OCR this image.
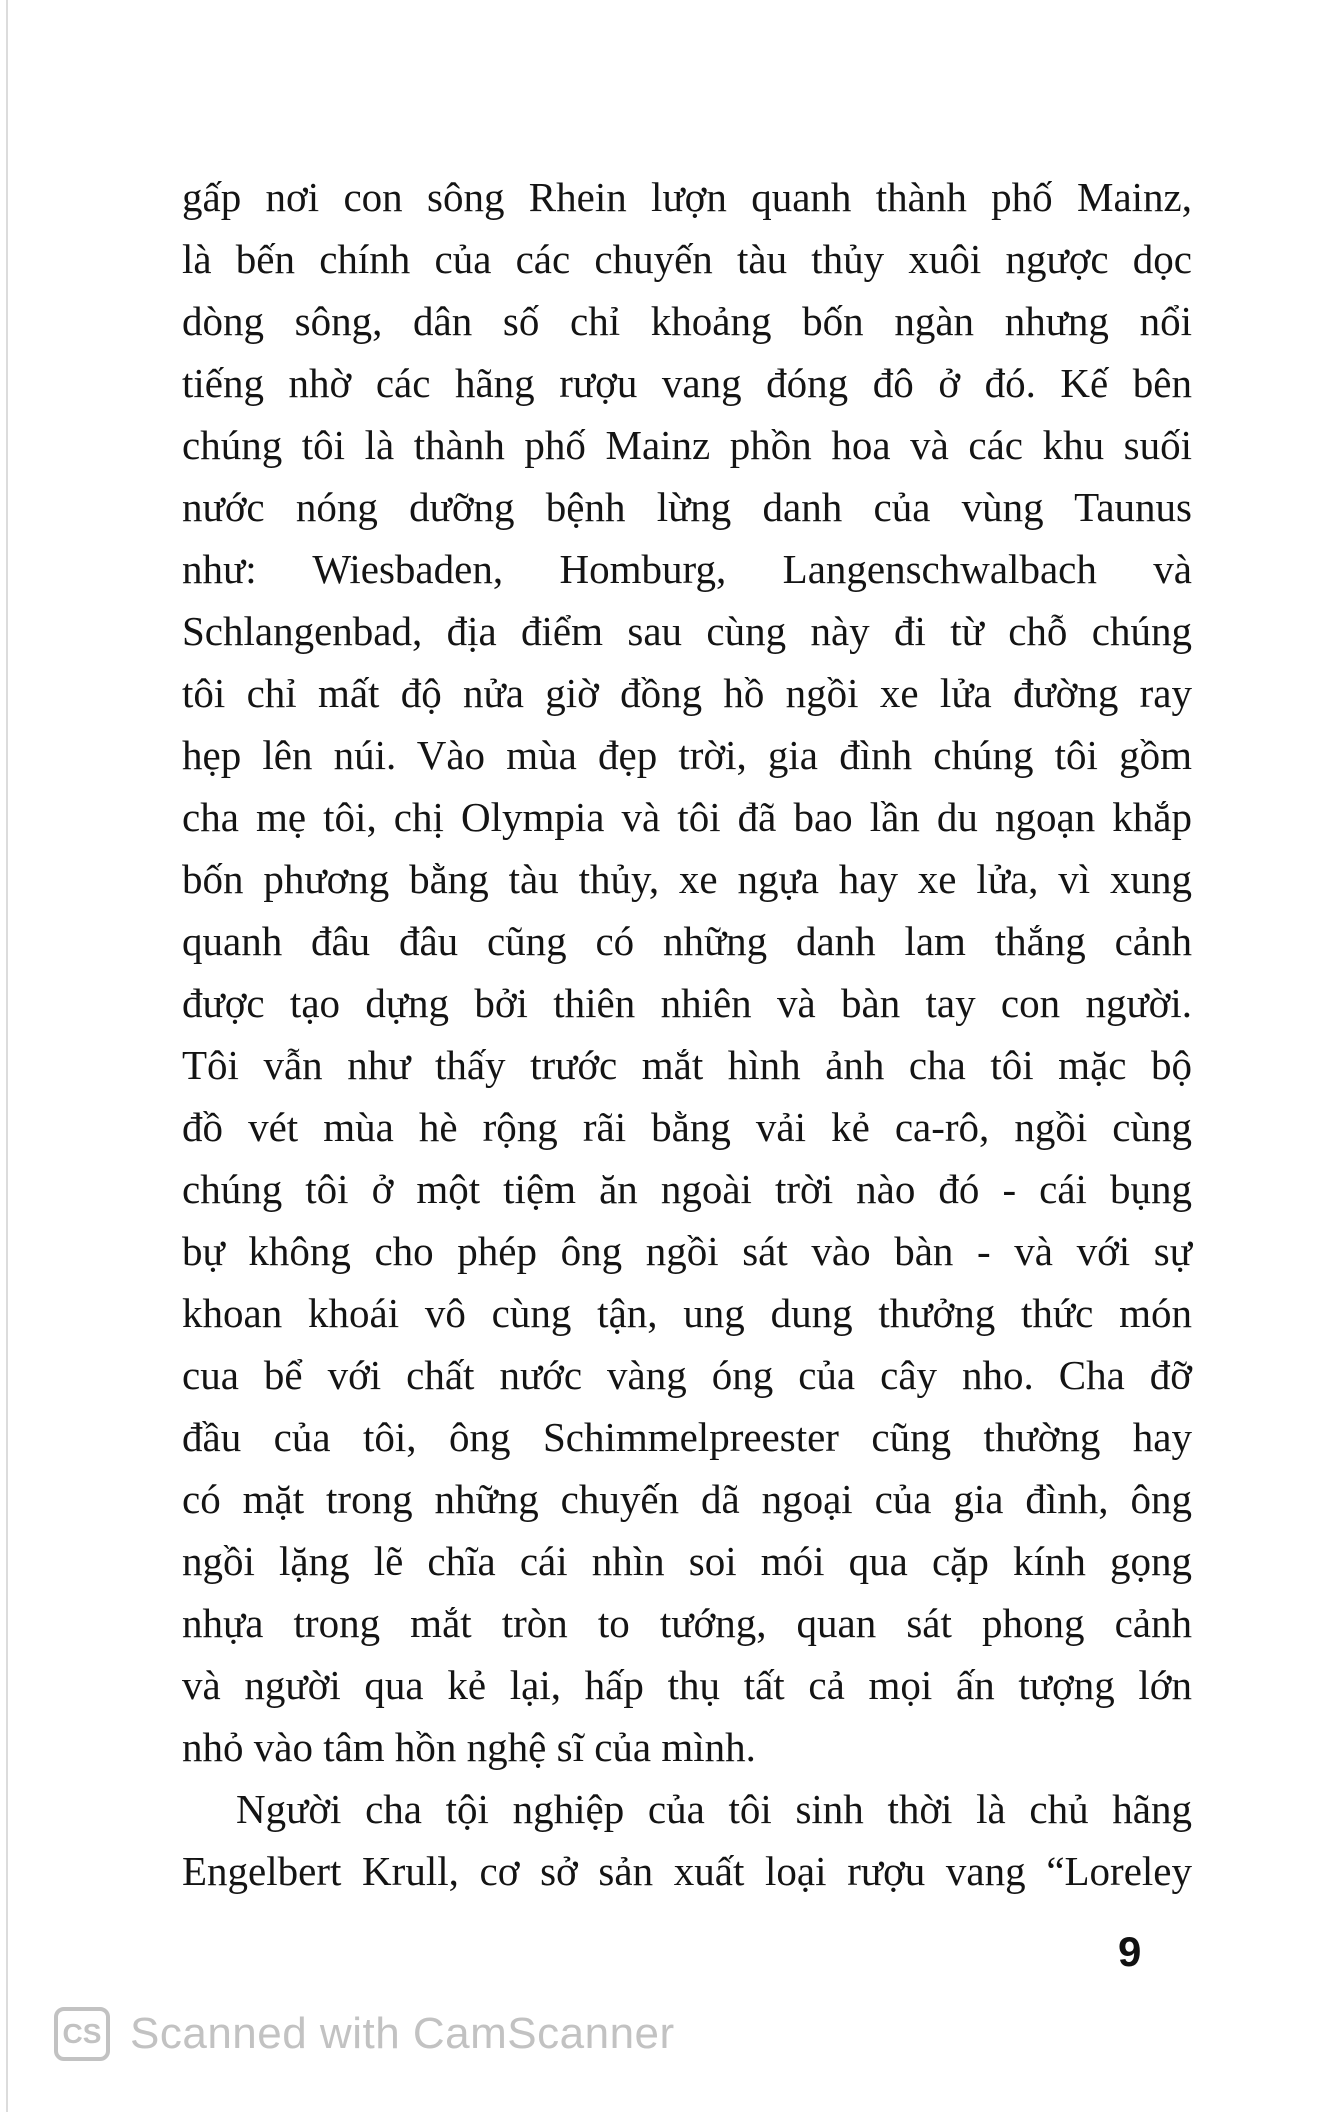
gấp nơi con sông Rhein lượn quanh thành phố Mainz,
là bến chính của các chuyến tàu thủy xuôi ngược dọc
dòng sông, dân số chỉ khoảng bốn ngàn nhưng nổi
tiếng nhờ các hãng rượu vang đóng đô ở đó. Kế bên
chúng tôi là thành phố Mainz phồn hoa và các khu suối
nước nóng dưỡng bệnh lừng danh của vùng Taunus
như: Wiesbaden, Homburg, Langenschwalbach và
Schlangenbad, địa điểm sau cùng này đi từ chỗ chúng
tôi chỉ mất độ nửa giờ đồng hồ ngồi xe lửa đường ray
hẹp lên núi. Vào mùa đẹp trời, gia đình chúng tôi gồm
cha mẹ tôi, chị Olympia và tôi đã bao lần du ngoạn khắp
bốn phương bằng tàu thủy, xe ngựa hay xe lửa, vì xung
quanh đâu đâu cũng có những danh lam thắng cảnh
được tạo dựng bởi thiên nhiên và bàn tay con người.
Tôi vẫn như thấy trước mắt hình ảnh cha tôi mặc bộ
đồ vét mùa hè rộng rãi bằng vải kẻ ca-rô, ngồi cùng
chúng tôi ở một tiệm ăn ngoài trời nào đó - cái bụng
bự không cho phép ông ngồi sát vào bàn - và với sự
khoan khoái vô cùng tận, ung dung thưởng thức món
cua bể với chất nước vàng óng của cây nho. Cha đỡ
đầu của tôi, ông Schimmelpreester cũng thường hay
có mặt trong những chuyến dã ngoại của gia đình, ông
ngồi lặng lẽ chĩa cái nhìn soi mói qua cặp kính gọng
nhựa trong mắt tròn to tướng, quan sát phong cảnh
và người qua kẻ lại, hấp thụ tất cả mọi ấn tượng lớn
nhỏ vào tâm hồn nghệ sĩ của mình.
Người cha tội nghiệp của tôi sinh thời là chủ hãng
Engelbert Krull, cơ sở sản xuất loại rượu vang “Loreley
9
CS Scanned with CamScanner
